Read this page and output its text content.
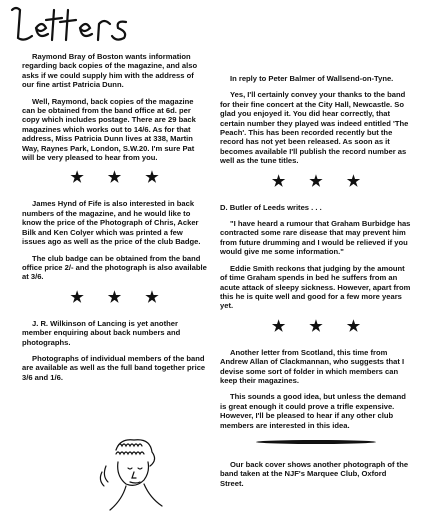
Raymond Bray of Boston wants information regarding back copies of the magazine, and also asks if we could supply him with the address of our fine artist Patricia Dunn.

Well, Raymond, back copies of the magazine can be obtained from the band office at 6d. per copy which includes postage. There are 29 back magazines which works out to 14/6. As for that address, Miss Patricia Dunn lives at 338, Martin Way, Raynes Park, London, S.W.20. I'm sure Pat will be very pleased to hear from you.

★ ★ ★

James Hynd of Fife is also interested in back numbers of the magazine, and he would like to know the price of the Photograph of Chris, Acker Bilk and Ken Colyer which was printed a few issues ago as well as the price of the club Badge.

The club badge can be obtained from the band office price 2/- and the photograph is also available at 3/6.

★ ★ ★

J. R. Wilkinson of Lancing is yet another member enquiring about back numbers and photographs.

Photographs of individual members of the band are available as well as the full band together price 3/6 and 1/6.

In reply to Peter Balmer of Wallsend-on-Tyne.

Yes, I'll certainly convey your thanks to the band for their fine concert at the City Hall, Newcastle. So glad you enjoyed it. You did hear correctly, that certain number they played was indeed entitled 'The Peach'. This has been recorded recently but the record has not yet been released. As soon as it becomes available I'll publish the record number as well as the tune titles.

★ ★ ★

D. Butler of Leeds writes . . .

"I have heard a rumour that Graham Burbidge has contracted some rare disease that may prevent him from future drumming and I would be relieved if you would give me some information."

Eddie Smith reckons that judging by the amount of time Graham spends in bed he suffers from an acute attack of sleepy sickness. However, apart from this he is quite well and good for a few more years yet.

★ ★ ★

Another letter from Scotland, this time from Andrew Allan of Clackmannan, who suggests that I devise some sort of folder in which members can keep their magazines.

This sounds a good idea, but unless the demand is great enough it could prove a trifle expensive. However, I'll be pleased to hear if any other club members are interested in this idea.

Our back cover shows another photograph of the band taken at the NJF's Marquee Club, Oxford Street.
